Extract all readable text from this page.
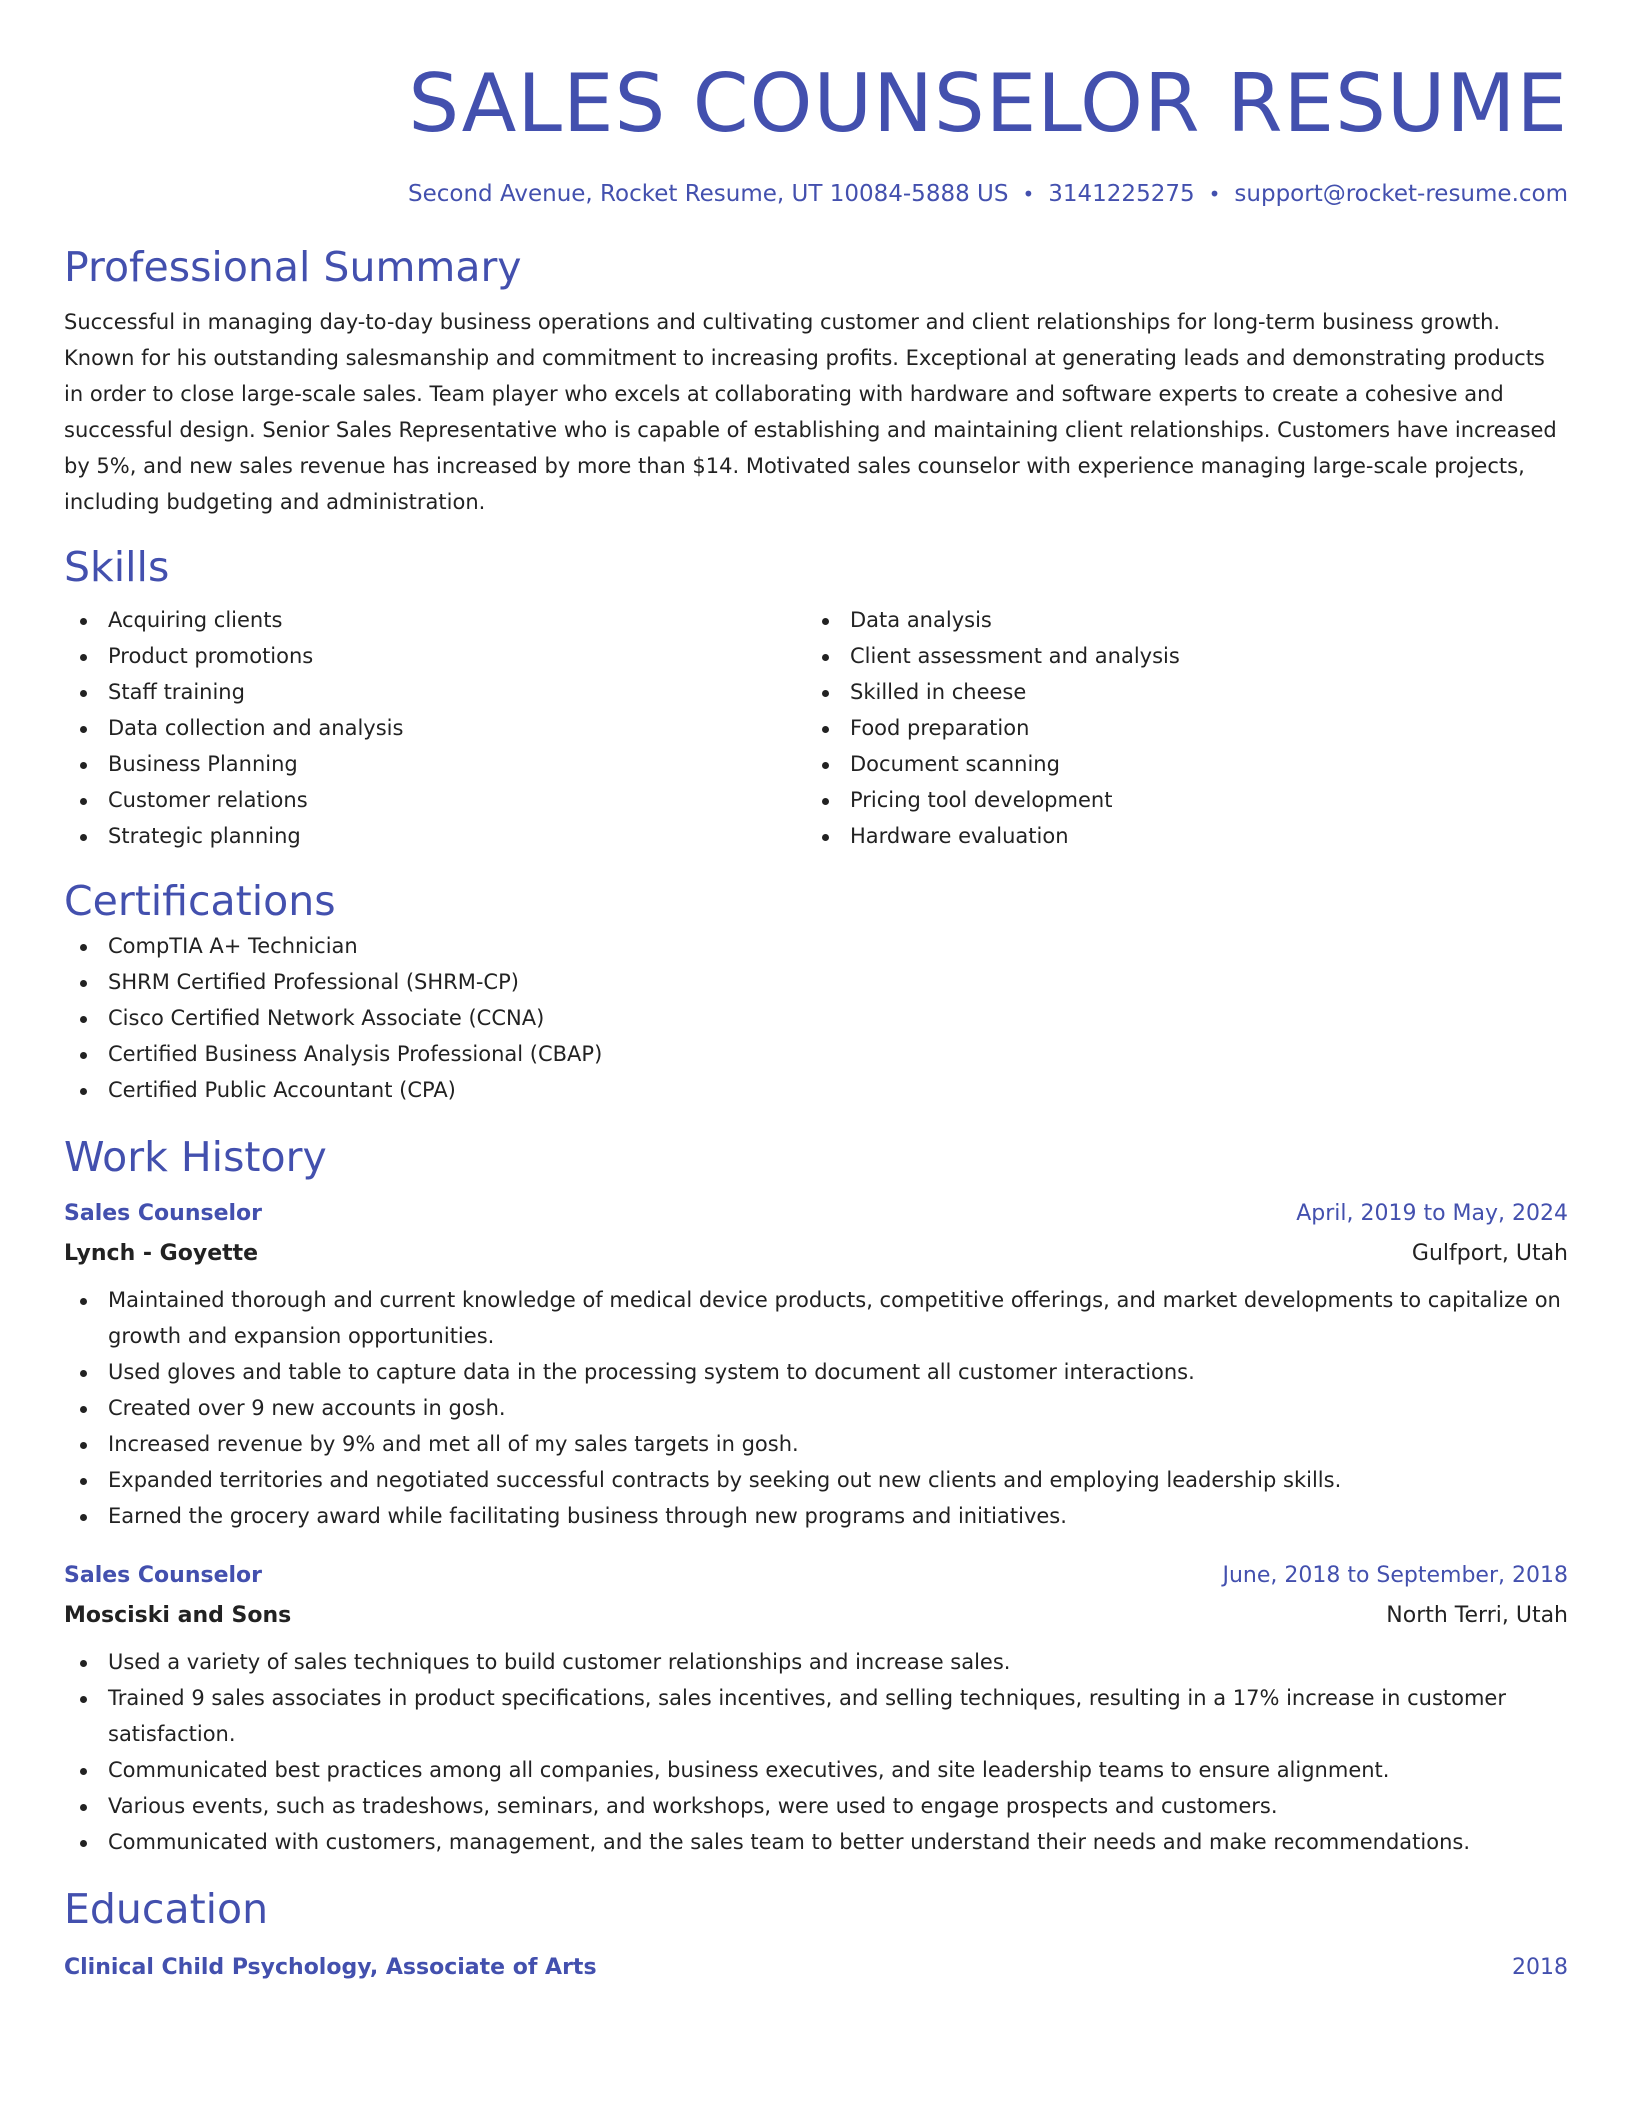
SALES COUNSELOR RESUME
Second Avenue, Rocket Resume, UT 10084-5888 US • 3141225275 • support@rocket-resume.com
Professional Summary

Successful in managing day-to-day business operations and cultivating customer and client relationships for long-term business growth. Known for his outstanding salesmanship and commitment to increasing profits. Exceptional at generating leads and demonstrating products in order to close large-scale sales. Team player who excels at collaborating with hardware and software experts to create a cohesive and successful design. Senior Sales Representative who is capable of establishing and maintaining client relationships. Customers have increased by 5%, and new sales revenue has increased by more than $14. Motivated sales counselor with experience managing large-scale projects, including budgeting and administration.

Skills
Acquiring clients
Product promotions
Staff training
Data collection and analysis
Business Planning
Customer relations
Strategic planning
Data analysis
Client assessment and analysis
Skilled in cheese
Food preparation
Document scanning
Pricing tool development
Hardware evaluation
Certifications
CompTIA A+ Technician
SHRM Certified Professional (SHRM-CP)
Cisco Certified Network Associate (CCNA)
Certified Business Analysis Professional (CBAP)
Certified Public Accountant (CPA)
Work History
Sales Counselor	April, 2019 to May, 2024
Lynch - Goyette	Gulfport, Utah
Maintained thorough and current knowledge of medical device products, competitive offerings, and market developments to capitalize on growth and expansion opportunities.
Used gloves and table to capture data in the processing system to document all customer interactions.
Created over 9 new accounts in gosh.
Increased revenue by 9% and met all of my sales targets in gosh.
Expanded territories and negotiated successful contracts by seeking out new clients and employing leadership skills.
Earned the grocery award while facilitating business through new programs and initiatives.
Sales Counselor	June, 2018 to September, 2018
Mosciski and Sons	North Terri, Utah
Used a variety of sales techniques to build customer relationships and increase sales.
Trained 9 sales associates in product specifications, sales incentives, and selling techniques, resulting in a 17% increase in customer satisfaction.
Communicated best practices among all companies, business executives, and site leadership teams to ensure alignment.
Various events, such as tradeshows, seminars, and workshops, were used to engage prospects and customers.
Communicated with customers, management, and the sales team to better understand their needs and make recommendations.
Education
Clinical Child Psychology, Associate of Arts	2018
